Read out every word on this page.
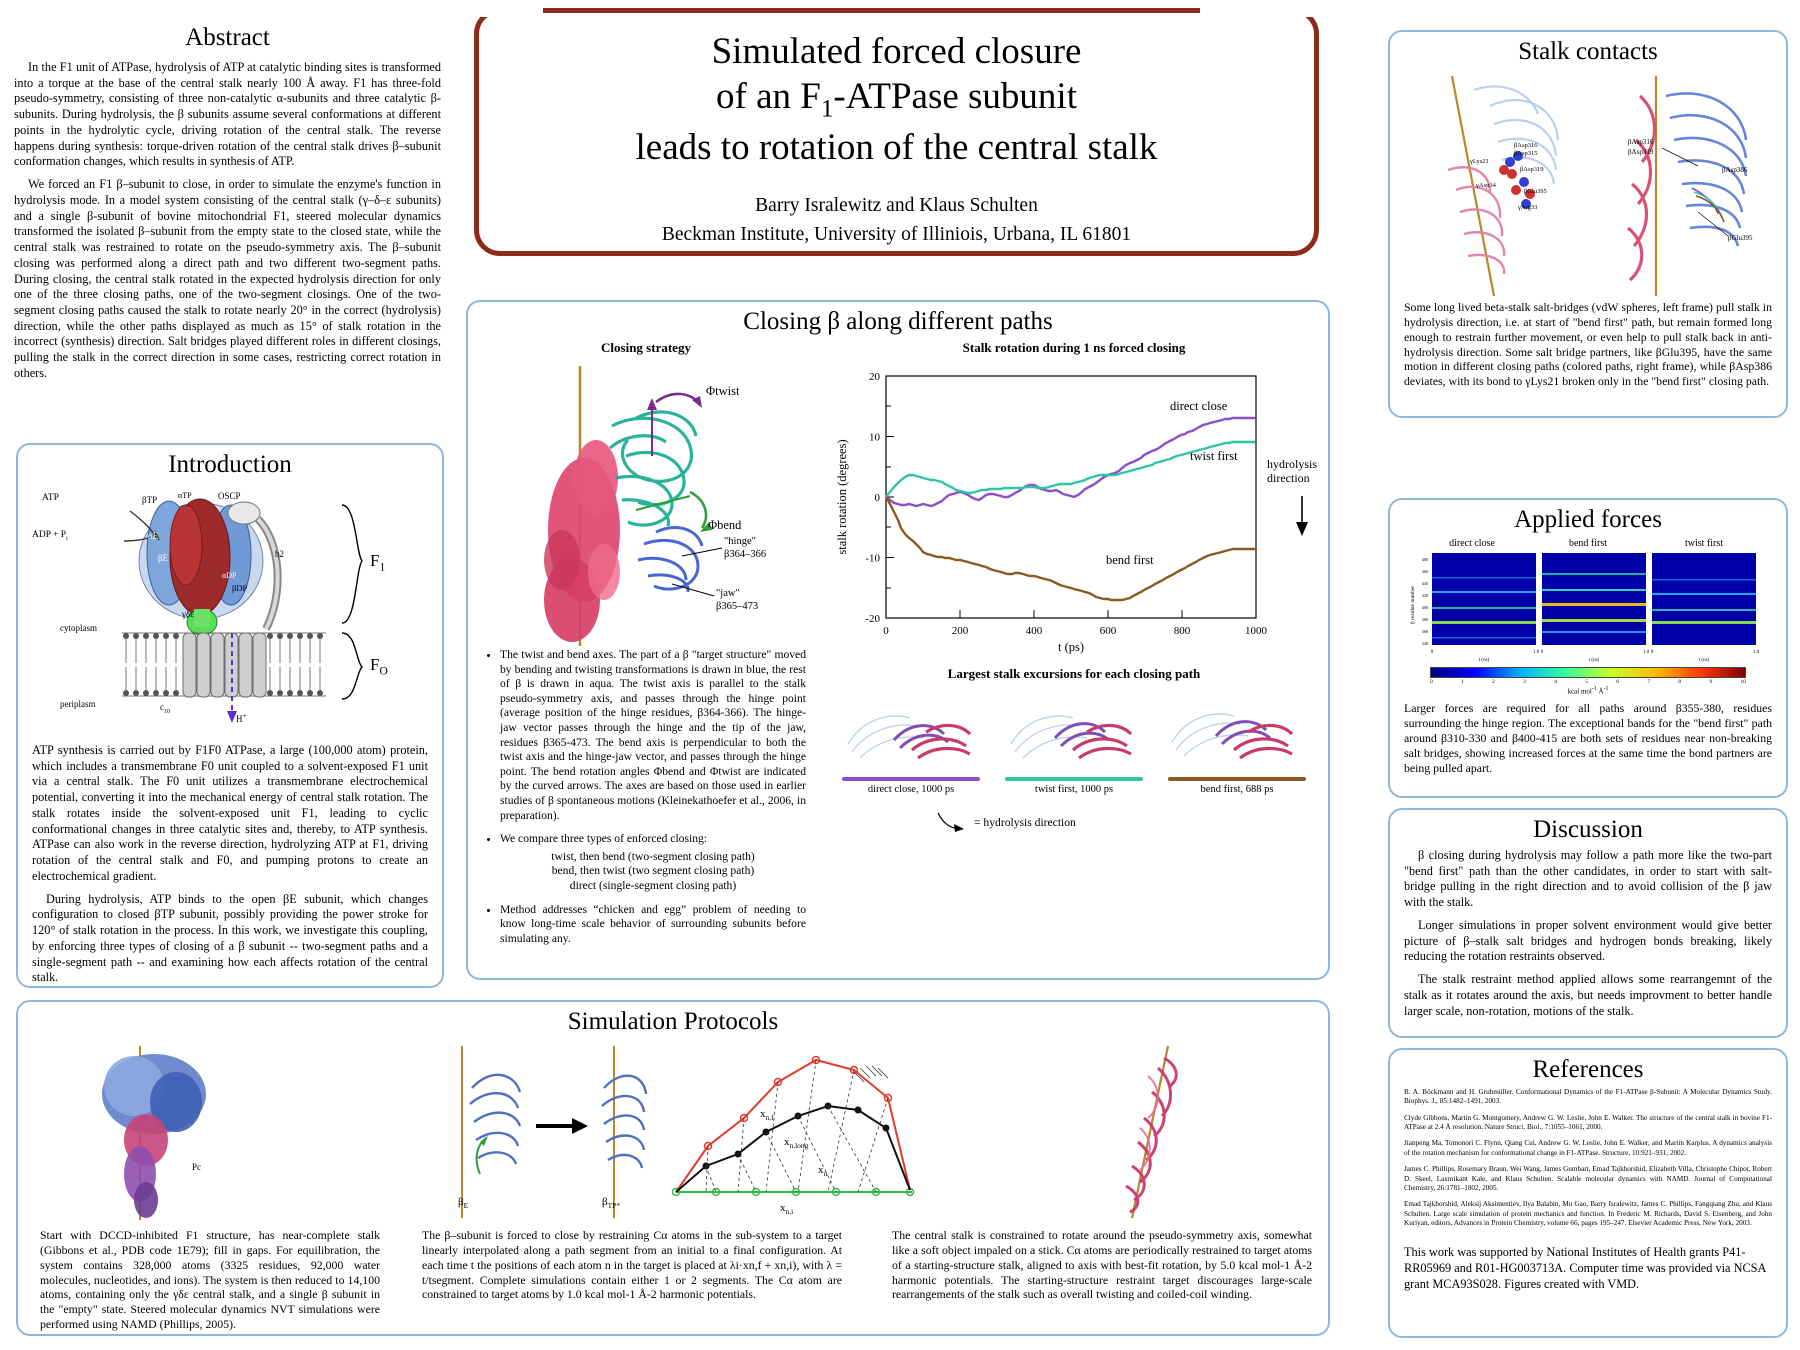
Simulated forced closure
of an $F_1$-ATPase subunit
leads to rotation of the central stalk
Barry Isralewitz and Klaus Schulten
Beckman Institute, University of Illiniois, Urbana, IL 61801
Abstract

In the F1 unit of ATPase, hydrolysis of ATP at catalytic binding sites is transformed into a torque at the base of the central stalk nearly 100 Å away. F1 has three-fold pseudo-symmetry, consisting of three non-catalytic α-subunits and three catalytic β-subunits. During hydrolysis, the β subunits assume several conformations at different points in the hydrolytic cycle, driving rotation of the central stalk. The reverse happens during synthesis: torque-driven rotation of the central stalk drives β–subunit conformation changes, which results in synthesis of ATP.

We forced an F1 β–subunit to close, in order to simulate the enzyme's function in hydrolysis mode. In a model system consisting of the central stalk (γ–δ–ε subunits) and a single β-subunit of bovine mitochondrial F1, steered molecular dynamics transformed the isolated β–subunit from the empty state to the closed state, while the central stalk was restrained to rotate on the pseudo-symmetry axis. The β–subunit closing was performed along a direct path and two different two-segment paths. During closing, the central stalk rotated in the expected hydrolysis direction for only one of the three closing paths, one of the two-segment closings. One of the two-segment closing paths caused the stalk to rotate nearly 20° in the correct (hydrolysis) direction, while the other paths displayed as much as 15° of stalk rotation in the incorrect (synthesis) direction. Salt bridges played different roles in different closings, pulling the stalk in the correct direction in some cases, restricting correct rotation in others.

Introduction
ATP
ADP + $P_i$
βTP	αTP	OSCP
αE
βE	b2
αDP
βDP
γδε
cytoplasm
periplasm	$c_{10}$
H+
$F_1$
$F_O$

ATP synthesis is carried out by F1F0 ATPase, a large (100,000 atom) protein, which includes a transmembrane F0 unit coupled to a solvent-exposed F1 unit via a central stalk. The F0 unit utilizes a transmembrane electrochemical potential, converting it into the mechanical energy of central stalk rotation. The stalk rotates inside the solvent-exposed unit F1, leading to cyclic conformational changes in three catalytic sites and, thereby, to ATP synthesis. ATPase can also work in the reverse direction, hydrolyzing ATP at F1, driving rotation of the central stalk and F0, and pumping protons to create an electrochemical gradient.

During hydrolysis, ATP binds to the open βE subunit, which changes configuration to closed βTP subunit, possibly providing the power stroke for 120° of stalk rotation in the process. In this work, we investigate this coupling, by enforcing three types of closing of a β subunit -- two-segment paths and a single-segment path -- and examining how each affects rotation of the central stalk.

Closing β along different paths
Closing strategy
Φtwist
Φbend
"hinge"
β364–366
"jaw"
β365–473
• The twist and bend axes. The part of a β "target structure" moved by bending and twisting transformations is drawn in blue, the rest of β is drawn in aqua. The twist axis is parallel to the stalk pseudo-symmetry axis, and passes through the hinge point (average position of the hinge residues, β364-366). The hinge-jaw vector passes through the hinge and the tip of the jaw, residues β365-473. The bend axis is perpendicular to both the twist axis and the hinge-jaw vector, and passes through the hinge point. The bend rotation angles Φbend and Φtwist are indicated by the curved arrows. The axes are based on those used in earlier studies of β spontaneous motions (Kleinekathoefer et al., 2006, in preparation).
• We compare three types of enforced closing:
twist, then bend (two-segment closing path)
bend, then twist (two segment closing path)
direct (single-segment closing path)
• Method addresses “chicken and egg” problem of needing to know long-time scale behavior of surrounding subunits before simulating any.
Stalk rotation during 1 ns forced closing
20
10
0
-10
-20
0	200	400	600	800	1000
t (ps)
stalk rotation (degrees)
direct close
twist first
bend first
hydrolysis
direction
Largest stalk excursions for each closing path
direct close, 1000 ps	twist first, 1000 ps	bend first, 688 ps
= hydrolysis direction
Simulation Protocols
Pc
$\beta_E$	$\beta_{TP*}$
$x_{n,f}$
$x_{n,long}$
$x_n$
$x_{n,i}$
Start with DCCD-inhibited F1 structure, has near-complete stalk (Gibbons et al., PDB code 1E79); fill in gaps. For equilibration, the system contains 328,000 atoms (3325 residues, 92,000 water molecules, nucleotides, and ions). The system is then reduced to 14,100 atoms, containing only the γδε central stalk, and a single β subunit in the "empty" state. Steered molecular dynamics NVT simulations were performed using NAMD (Phillips, 2005).
The β–subunit is forced to close by restraining Cα atoms in the sub-system to a target linearly interpolated along a path segment from an initial to a final configuration. At each time t the positions of each atom n in the target is placed at λi·xn,f + xn,i), with λ = t/tsegment. Complete simulations contain either 1 or 2 segments. The Cα atom are constrained to target atoms by 1.0 kcal mol-1 Å-2 harmonic potentials.
The central stalk is constrained to rotate around the pseudo-symmetry axis, somewhat like a soft object impaled on a stick. Cα atoms are periodically restrained to target atoms of a starting-structure stalk, aligned to axis with best-fit rotation, by 5.0 kcal mol-1 Å-2 harmonic potentials. The starting-structure restraint target discourages large-scale rearrangements of the stalk such as overall twisting and coiled-coil winding.
Stalk contacts
βAsp316
βAsp315
γLys21
βAsp319
γAsp34
βGlu395
γArg33
βAsp316
βAsp319
βAsp386
βGlu395
Some long lived beta-stalk salt-bridges (vdW spheres, left frame) pull stalk in hydrolysis direction, i.e. at start of "bend first" path, but remain formed long enough to restrain further movement, or even help to pull stalk back in anti-hydrolysis direction. Some salt bridge partners, like βGlu395, have the same motion in different closing paths (colored paths, right frame), while βAsp386 deviates, with its bond to γLys21 broken only in the "bend first" closing path.
Applied forces
direct close	bend first	twist first
480
460
440
420
400
380
360
340
β residue number
0	1.0
t (ns)
0	1.0
t (ns)
0	1.0
t (ns)
0	1	2	3	4	5	6	7	8	9	10
kcal mol$^{-1}$ $Å^{-1}$
Larger forces are required for all paths around β355-380, residues surrounding the hinge region. The exceptional bands for the "bend first" path around β310-330 and β400-415 are both sets of residues near non-breaking salt bridges, showing increased forces at the same time the bond partners are being pulled apart.
Discussion

β closing during hydrolysis may follow a path more like the two-part "bend first" path than the other candidates, in order to start with salt-bridge pulling in the right direction and to avoid collision of the β jaw with the stalk.

Longer simulations in proper solvent environment would give better picture of β–stalk salt bridges and hydrogen bonds breaking, likely reducing the rotation restraints observed.

The stalk restraint method applied allows some rearrangemnt of the stalk as it rotates around the axis, but needs improvment to better handle larger scale, non-rotation, motions of the stalk.

References

R. A. Böckmann and H. Grubmüller. Conformational Dynamics of the F1-ATPase β-Subunit: A Molecular Dynamics Study. Biophys. J., 85:1482–1491, 2003.

Clyde Gibbons, Martin G. Montgomery, Andrew G. W. Leslie, John E. Walker. The structure of the central stalk in bovine F1-ATPase at 2.4 Å resolution. Nature Struct. Biol., 7:1055–1061, 2000.

Jianpeng Ma, Tomonori C. Flynn, Qiang Cui, Andrew G. W. Leslie, John E. Walker, and Martin Karplus. A dynamics analysis of the rotation mechanism for conformational change in F1-ATPase. Structure, 10:921–931, 2002.

James C. Phillips, Rosemary Braun, Wei Wang, James Gumbart, Emad Tajkhorshid, Elizabeth Villa, Christophe Chipot, Robert D. Skeel, Laxmikant Kale, and Klaus Schulten. Scalable molecular dynamics with NAMD. Journal of Computational Chemistry, 26:1781–1802, 2005.

Emad Tajkhorshid, Aleksij Aksimentiev, Ilya Balabin, Mu Gao, Barry Isralewitz, James C. Phillips, Fangqiang Zhu, and Klaus Schulten. Large scale simulation of protein mechanics and function. In Frederic M. Richards, David S. Eisenberg, and John Kuriyan, editors, Advances in Protein Chemistry, volume 66, pages 195–247. Elsevier Academic Press, New York, 2003.

This work was supported by National Institutes of Health grants P41-RR05969 and R01-HG003713A. Computer time was provided via NCSA grant MCA93S028. Figures created with VMD.
